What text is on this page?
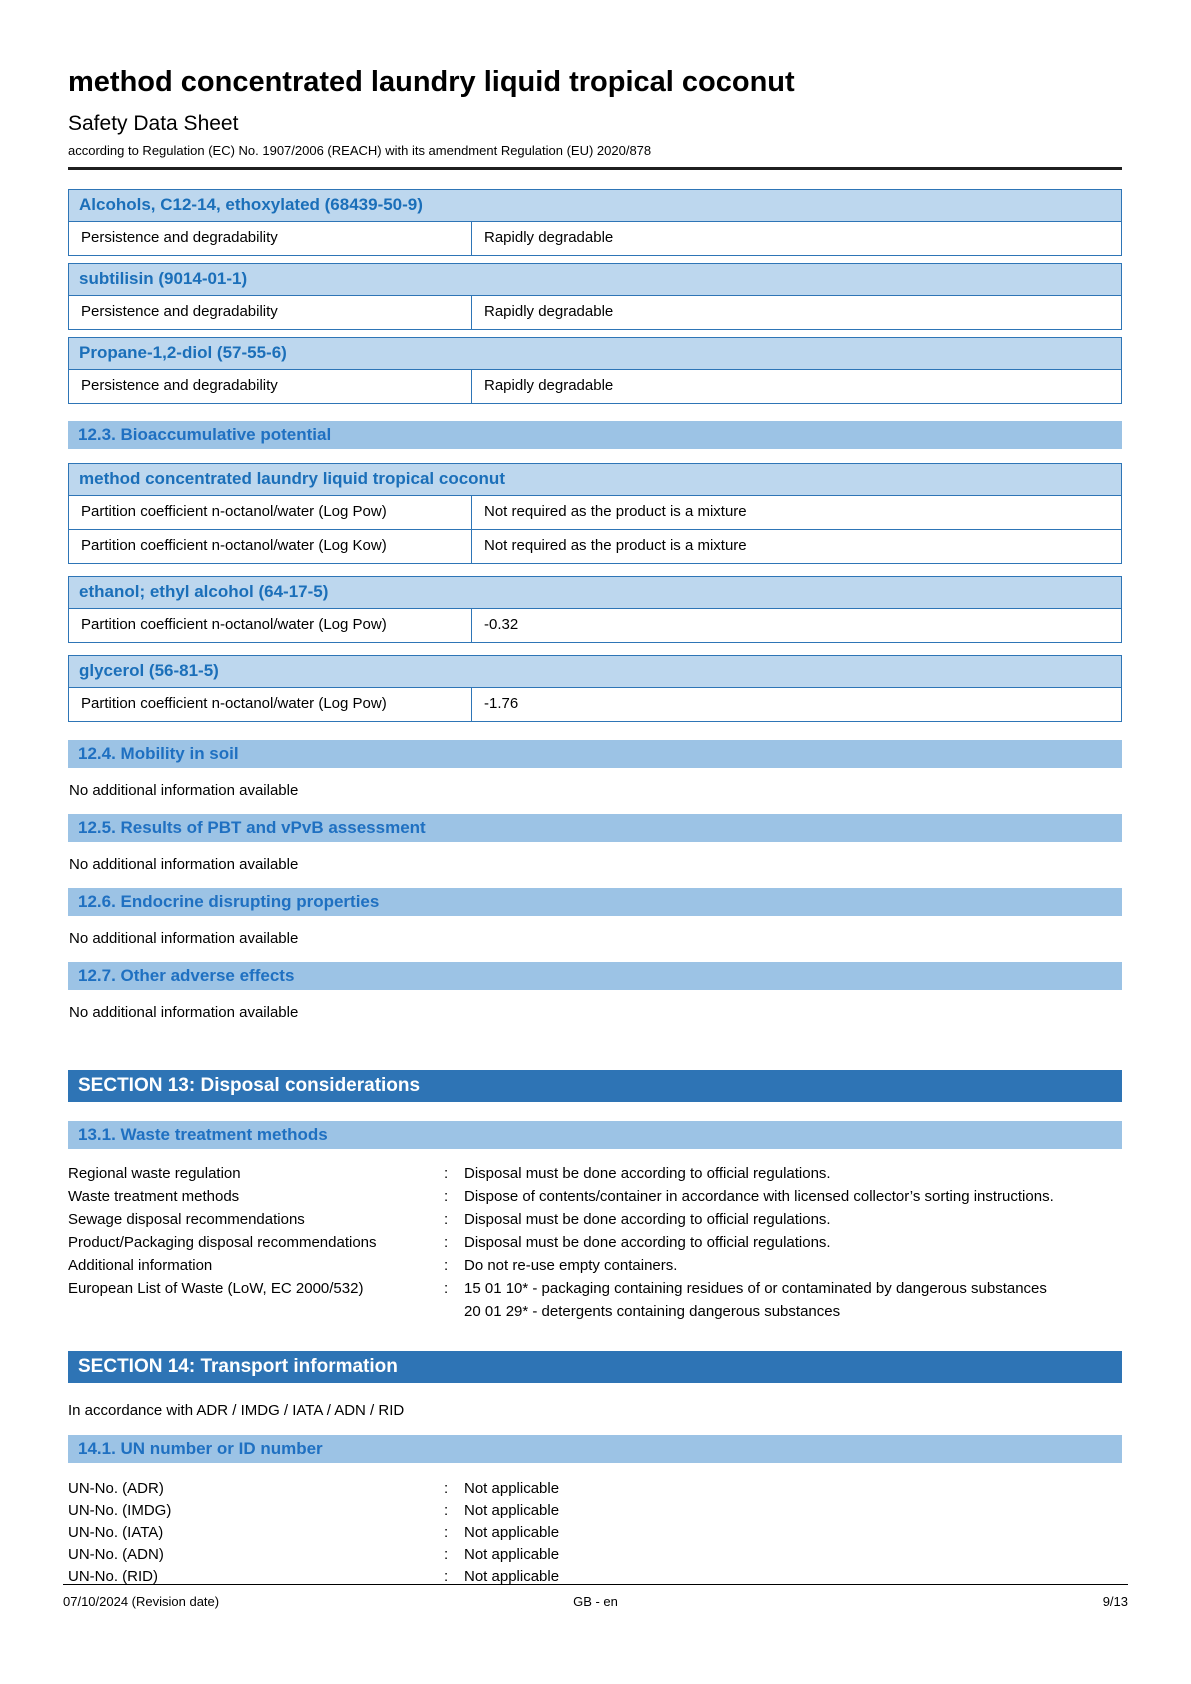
method concentrated laundry liquid tropical coconut
Safety Data Sheet
according to Regulation (EC) No. 1907/2006 (REACH) with its amendment Regulation (EU) 2020/878
Alcohols, C12-14, ethoxylated (68439-50-9)
Persistence and degradability	Rapidly degradable
subtilisin (9014-01-1)
Persistence and degradability	Rapidly degradable
Propane-1,2-diol (57-55-6)
Persistence and degradability	Rapidly degradable
12.3. Bioaccumulative potential
method concentrated laundry liquid tropical coconut
Partition coefficient n-octanol/water (Log Pow)	Not required as the product is a mixture
Partition coefficient n-octanol/water (Log Kow)	Not required as the product is a mixture
ethanol; ethyl alcohol (64-17-5)
Partition coefficient n-octanol/water (Log Pow)	-0.32
glycerol (56-81-5)
Partition coefficient n-octanol/water (Log Pow)	-1.76
12.4. Mobility in soil
No additional information available
12.5. Results of PBT and vPvB assessment
No additional information available
12.6. Endocrine disrupting properties
No additional information available
12.7. Other adverse effects
No additional information available
SECTION 13: Disposal considerations
13.1. Waste treatment methods
Regional waste regulation	:	Disposal must be done according to official regulations.
Waste treatment methods	:	Dispose of contents/container in accordance with licensed collector’s sorting instructions.
Sewage disposal recommendations	:	Disposal must be done according to official regulations.
Product/Packaging disposal recommendations	:	Disposal must be done according to official regulations.
Additional information	:	Do not re-use empty containers.
European List of Waste (LoW, EC 2000/532)	:	15 01 10* - packaging containing residues of or contaminated by dangerous substances
20 01 29* - detergents containing dangerous substances
SECTION 14: Transport information
In accordance with ADR / IMDG / IATA / ADN / RID
14.1. UN number or ID number
UN-No. (ADR)	:	Not applicable
UN-No. (IMDG)	:	Not applicable
UN-No. (IATA)	:	Not applicable
UN-No. (ADN)	:	Not applicable
UN-No. (RID)	:	Not applicable
07/10/2024 (Revision date)	GB - en	9/13
